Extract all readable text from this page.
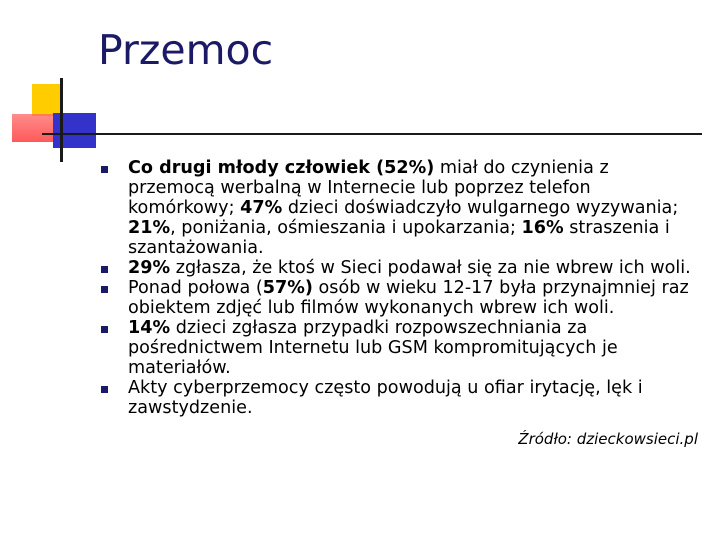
Przemoc
Co drugi młody człowiek (52%) miał do czynienia z przemocą werbalną w Internecie lub poprzez telefon komórkowy; 47% dzieci doświadczyło wulgarnego wyzywania; 21%, poniżania, ośmieszania i upokarzania; 16% straszenia i szantażowania.
29% zgłasza, że ktoś w Sieci podawał się za nie wbrew ich woli.
Ponad połowa (57%) osób w wieku 12-17 była przynajmniej raz obiektem zdjęć lub filmów wykonanych wbrew ich woli.
14% dzieci zgłasza przypadki rozpowszechniania za pośrednictwem Internetu lub GSM kompromitujących je materiałów.
Akty cyberprzemocy często powodują u ofiar irytację, lęk i zawstydzenie.
Źródło: dzieckowsieci.pl
